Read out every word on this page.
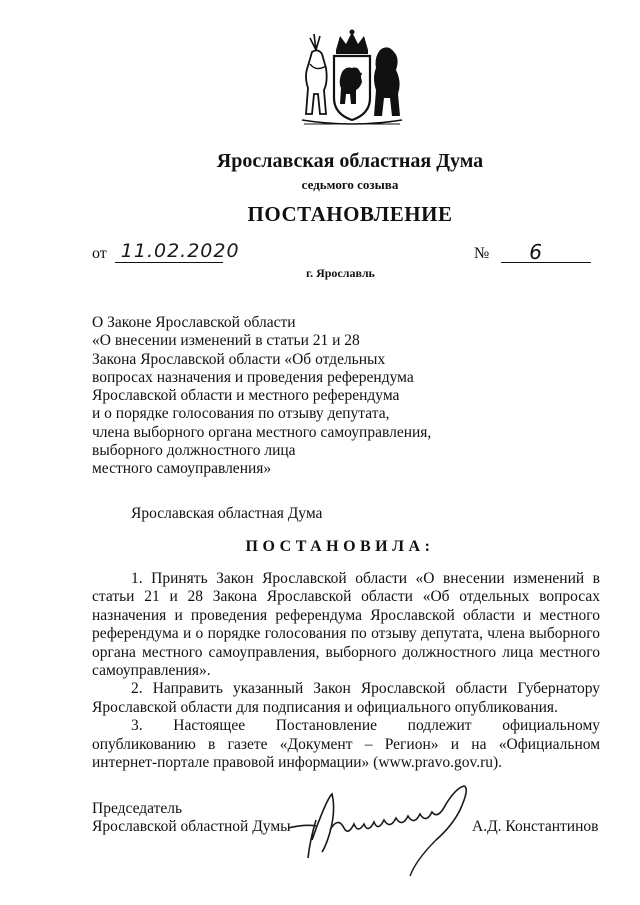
Ярославская областная Дума
седьмого созыва
ПОСТАНОВЛЕНИЕ
от 11.02.2020	№ 6
г. Ярославль
О Законе Ярославской области
«О внесении изменений в статьи 21 и 28
Закона Ярославской области «Об отдельных
вопросах назначения и проведения референдума
Ярославской области и местного референдума
и о порядке голосования по отзыву депутата,
члена выборного органа местного самоуправления,
выборного должностного лица
местного самоуправления»
Ярославская областная Дума
ПОСТАНОВИЛА:

1. Принять Закон Ярославской области «О внесении изменений в статьи 21 и 28 Закона Ярославской области «Об отдельных вопросах назначения и проведения референдума Ярославской области и местного референдума и о порядке голосования по отзыву депутата, члена выборного органа местного самоуправления, выборного должностного лица местного самоуправления».

2. Направить указанный Закон Ярославской области Губернатору Ярославской области для подписания и официального опубликования.

3. Настоящее Постановление подлежит официальному опубликованию в газете «Документ – Регион» и на «Официальном интернет-портале правовой информации» (www.pravo.gov.ru).

Председатель
Ярославской областной Думы	А.Д. Константинов
